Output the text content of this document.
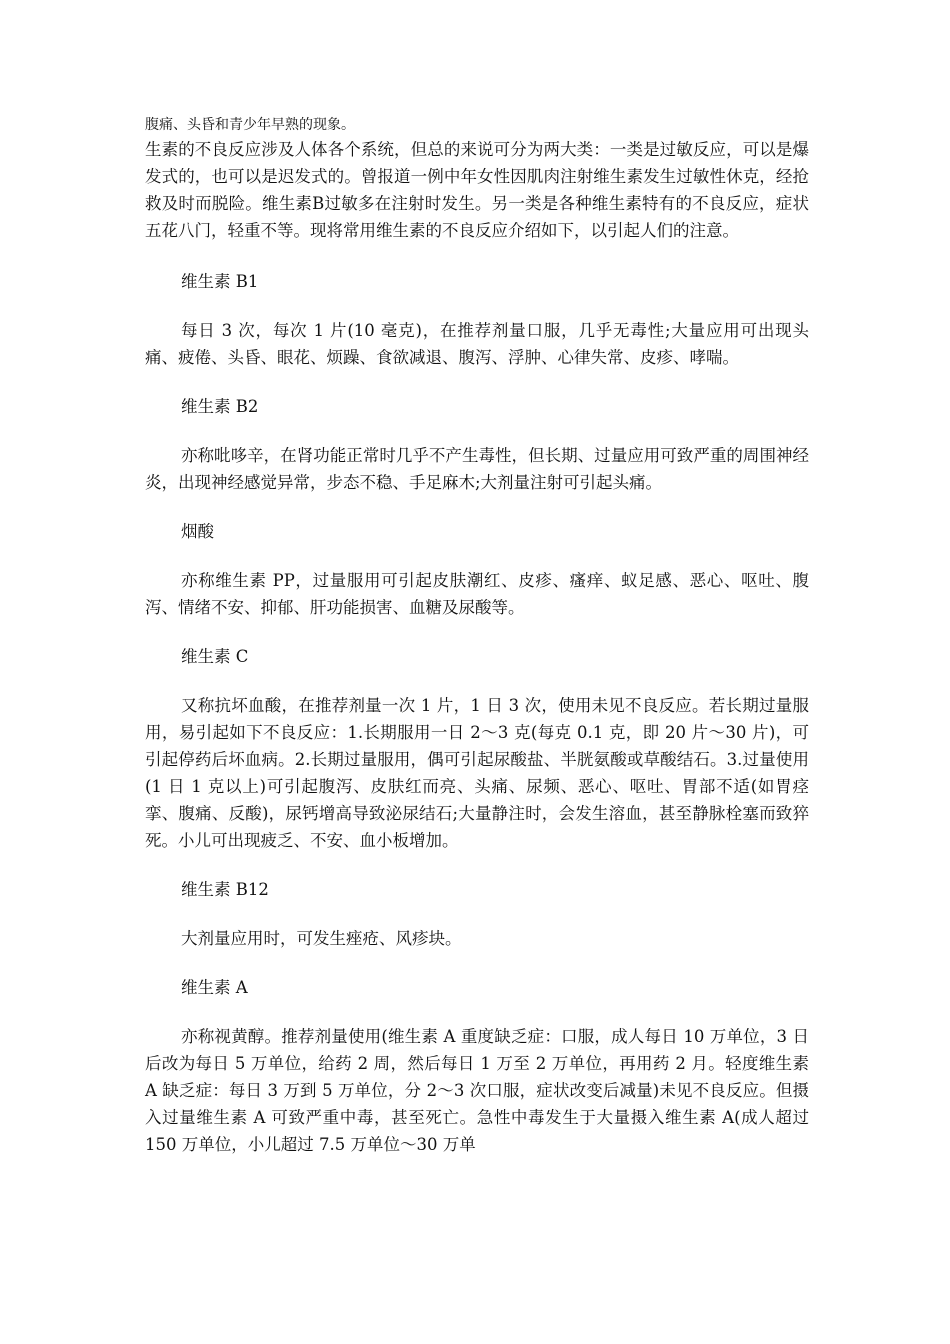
腹痛、头昏和青少年早熟的现象。

生素的不良反应涉及人体各个系统，但总的来说可分为两大类：一类是过敏反应，可以是爆发式的，也可以是迟发式的。曾报道一例中年女性因肌肉注射维生素发生过敏性休克，经抢救及时而脱险。维生素B过敏多在注射时发生。另一类是各种维生素特有的不良反应，症状五花八门，轻重不等。现将常用维生素的不良反应介绍如下，以引起人们的注意。

维生素 B1

每日 3 次，每次 1 片(10 毫克)，在推荐剂量口服，几乎无毒性;大量应用可出现头痛、疲倦、头昏、眼花、烦躁、食欲减退、腹泻、浮肿、心律失常、皮疹、哮喘。

维生素 B2

亦称吡哆辛，在肾功能正常时几乎不产生毒性，但长期、过量应用可致严重的周围神经炎，出现神经感觉异常，步态不稳、手足麻木;大剂量注射可引起头痛。

烟酸

亦称维生素 PP，过量服用可引起皮肤潮红、皮疹、瘙痒、蚁足感、恶心、呕吐、腹泻、情绪不安、抑郁、肝功能损害、血糖及尿酸等。

维生素 C

又称抗坏血酸，在推荐剂量一次 1 片，1 日 3 次，使用未见不良反应。若长期过量服用，易引起如下不良反应：1.长期服用一日 2～3 克(每克 0.1 克，即 20 片～30 片)，可引起停药后坏血病。2.长期过量服用，偶可引起尿酸盐、半胱氨酸或草酸结石。3.过量使用(1 日 1 克以上)可引起腹泻、皮肤红而亮、头痛、尿频、恶心、呕吐、胃部不适(如胃痉挛、腹痛、反酸)，尿钙增高导致泌尿结石;大量静注时，会发生溶血，甚至静脉栓塞而致猝死。小儿可出现疲乏、不安、血小板增加。

维生素 B12

大剂量应用时，可发生痤疮、风疹块。

维生素 A

亦称视黄醇。推荐剂量使用(维生素 A 重度缺乏症：口服，成人每日 10 万单位，3 日后改为每日 5 万单位，给药 2 周，然后每日 1 万至 2 万单位，再用药 2 月。轻度维生素 A 缺乏症：每日 3 万到 5 万单位，分 2～3 次口服，症状改变后减量)未见不良反应。但摄入过量维生素 A 可致严重中毒，甚至死亡。急性中毒发生于大量摄入维生素 A(成人超过 150 万单位，小儿超过 7.5 万单位～30 万单
